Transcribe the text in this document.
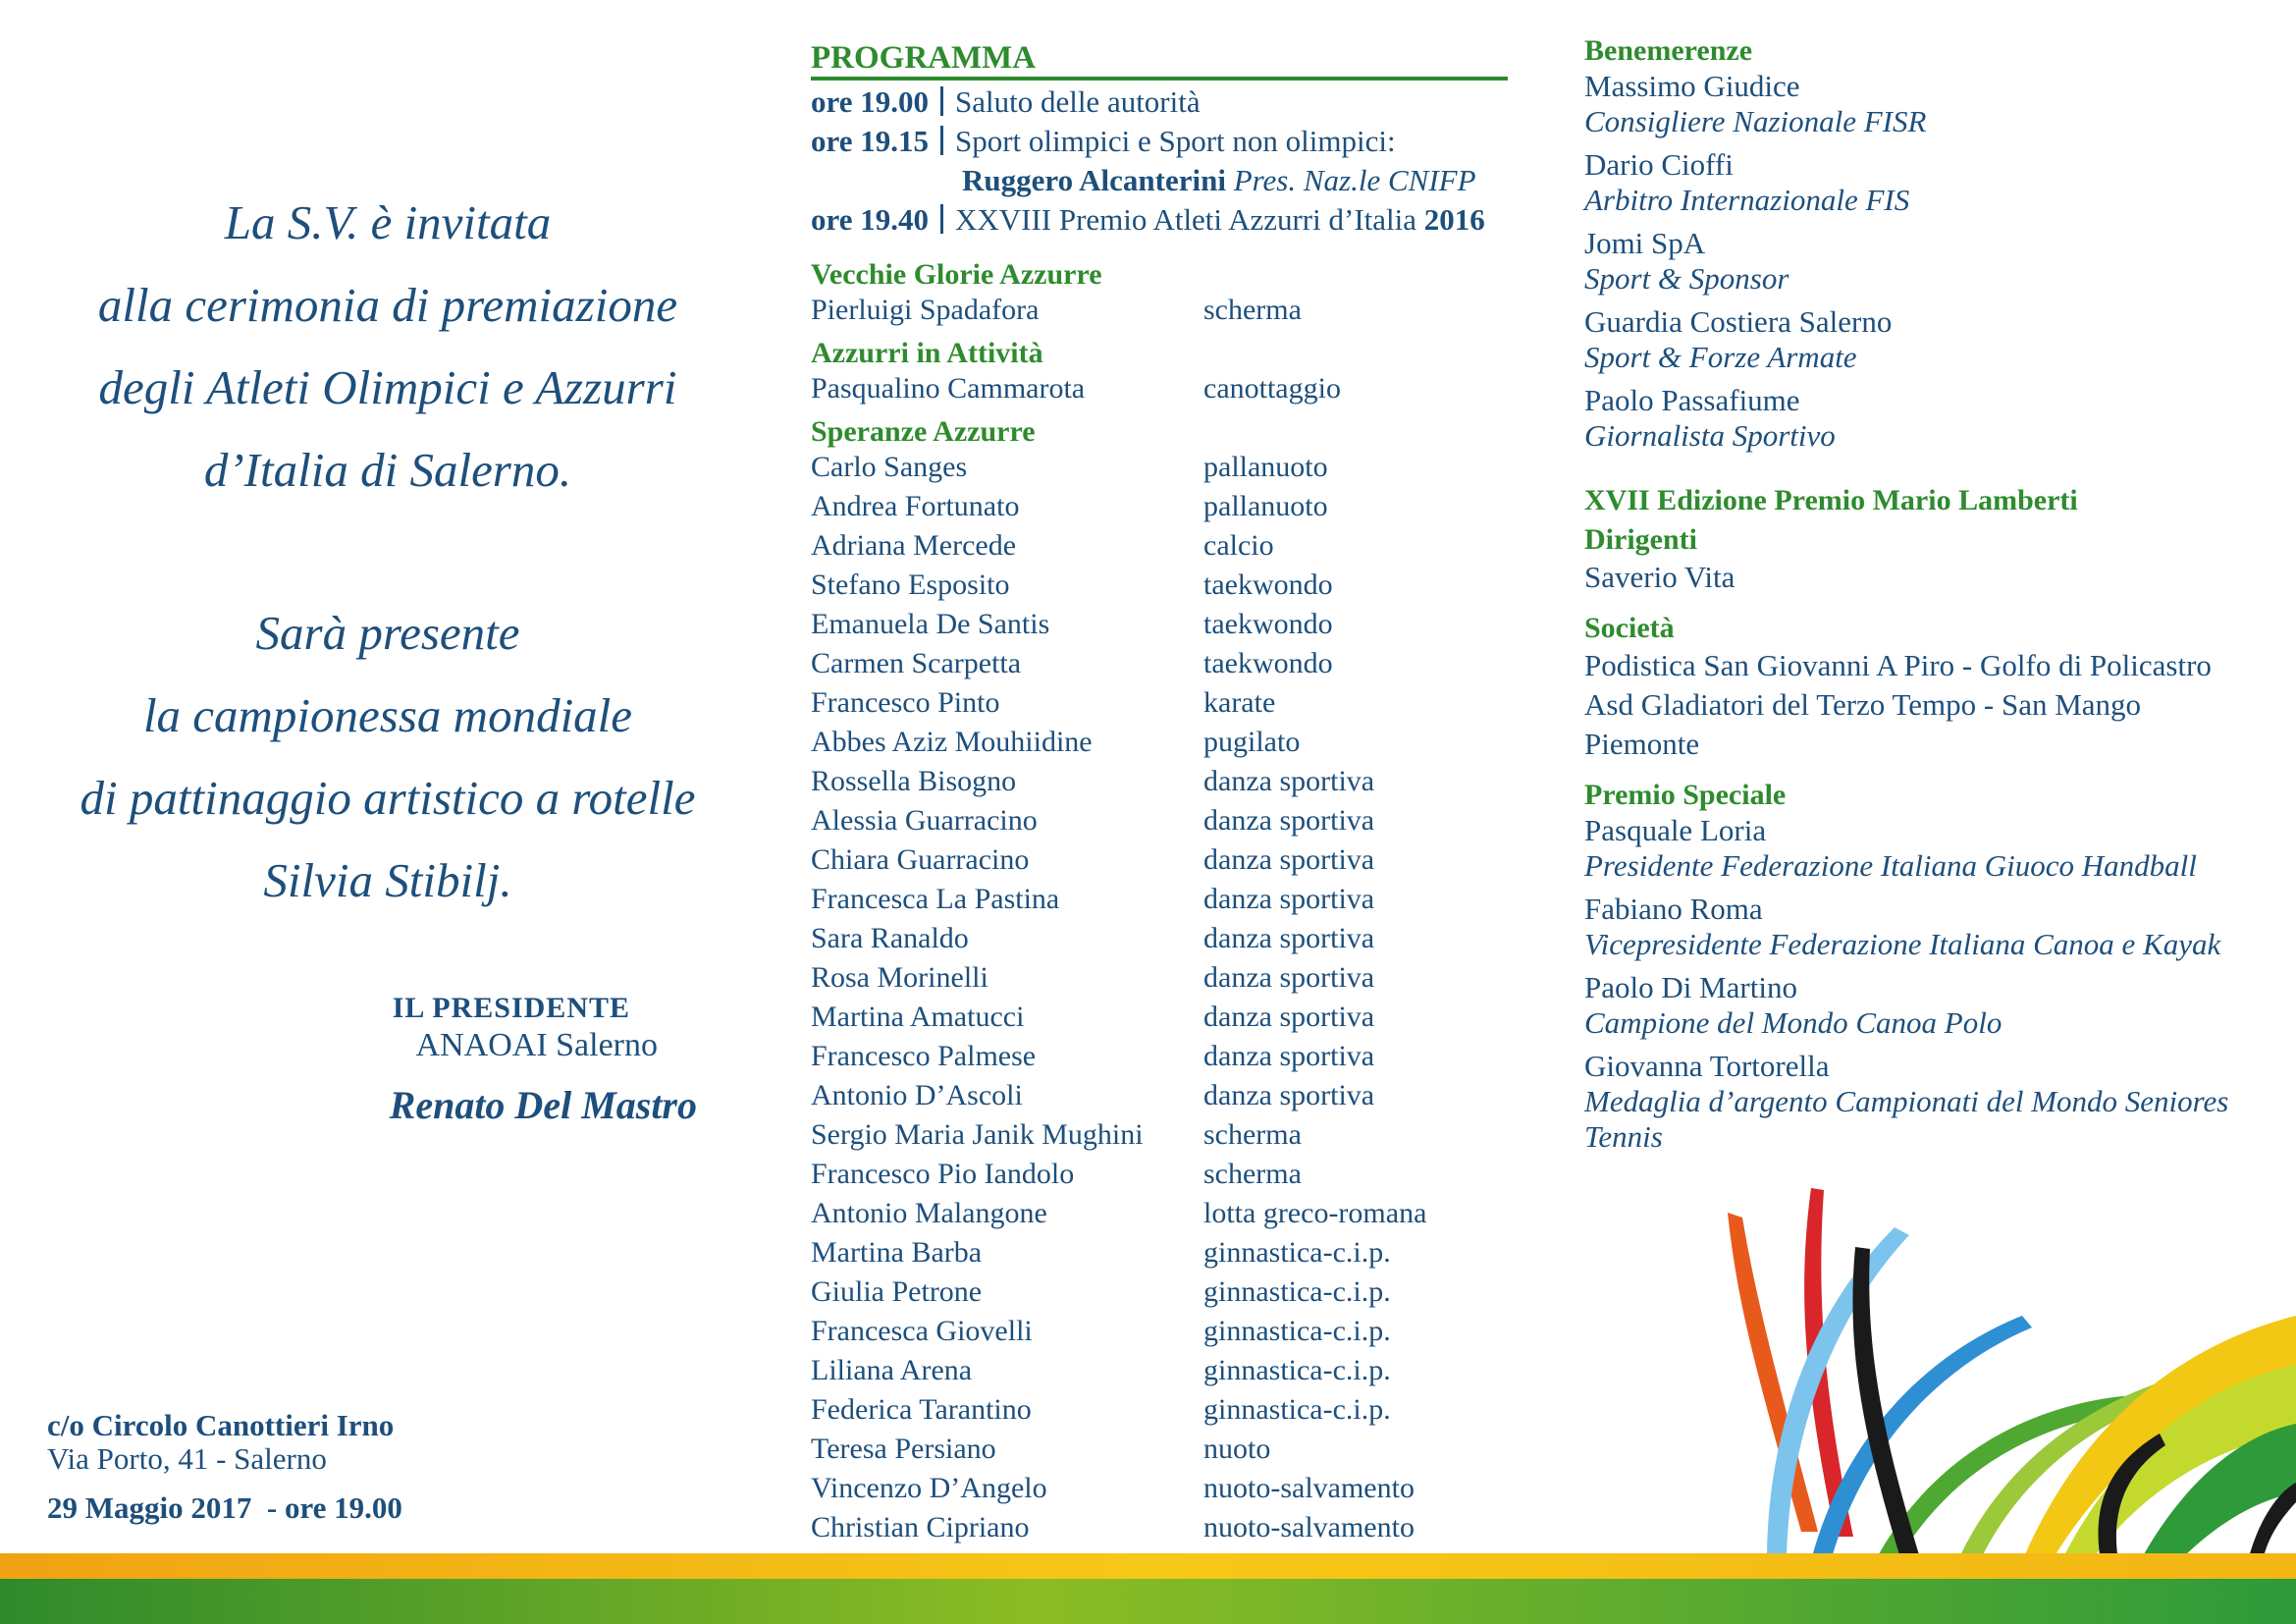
La S.V. è invitata
alla cerimonia di premiazione
degli Atleti Olimpici e Azzurri
d’Italia di Salerno.
Sarà presente
la campionessa mondiale
di pattinaggio artistico a rotelle
Silvia Stibilj.
IL PRESIDENTE
ANAOAI Salerno
Renato Del Mastro
c/o Circolo Canottieri Irno
Via Porto, 41 - Salerno
29 Maggio 2017  - ore 19.00
PROGRAMMA
ore 19.00 Saluto delle autorità
ore 19.15 Sport olimpici e Sport non olimpici:
Ruggero Alcanterini Pres. Naz.le CNIFP
ore 19.40 XXVIII Premio Atleti Azzurri d’Italia 2016
Vecchie Glorie Azzurre
Pierluigi Spadafora	scherma
Azzurri in Attività
Pasqualino Cammarota	canottaggio
Speranze Azzurre
Carlo Sanges	pallanuoto
Andrea Fortunato	pallanuoto
Adriana Mercede	calcio
Stefano Esposito	taekwondo
Emanuela De Santis	taekwondo
Carmen Scarpetta	taekwondo
Francesco Pinto	karate
Abbes Aziz Mouhiidine	pugilato
Rossella Bisogno	danza sportiva
Alessia Guarracino	danza sportiva
Chiara Guarracino	danza sportiva
Francesca La Pastina	danza sportiva
Sara Ranaldo	danza sportiva
Rosa Morinelli	danza sportiva
Martina Amatucci	danza sportiva
Francesco Palmese	danza sportiva
Antonio D’Ascoli	danza sportiva
Sergio Maria Janik Mughini	scherma
Francesco Pio Iandolo	scherma
Antonio Malangone	lotta greco-romana
Martina Barba	ginnastica-c.i.p.
Giulia Petrone	ginnastica-c.i.p.
Francesca Giovelli	ginnastica-c.i.p.
Liliana Arena	ginnastica-c.i.p.
Federica Tarantino	ginnastica-c.i.p.
Teresa Persiano	nuoto
Vincenzo D’Angelo	nuoto-salvamento
Christian Cipriano	nuoto-salvamento
Benemerenze
Massimo Giudice
Consigliere Nazionale FISR
Dario Cioffi
Arbitro Internazionale FIS
Jomi SpA
Sport & Sponsor
Guardia Costiera Salerno
Sport & Forze Armate
Paolo Passafiume
Giornalista Sportivo
XVII Edizione Premio Mario Lamberti
Dirigenti
Saverio Vita
Società
Podistica San Giovanni A Piro - Golfo di Policastro
Asd Gladiatori del Terzo Tempo - San Mango
Piemonte
Premio Speciale
Pasquale Loria
Presidente Federazione Italiana Giuoco Handball
Fabiano Roma
Vicepresidente Federazione Italiana Canoa e Kayak
Paolo Di Martino
Campione del Mondo Canoa Polo
Giovanna Tortorella
Medaglia d’argento Campionati del Mondo Seniores Tennis
